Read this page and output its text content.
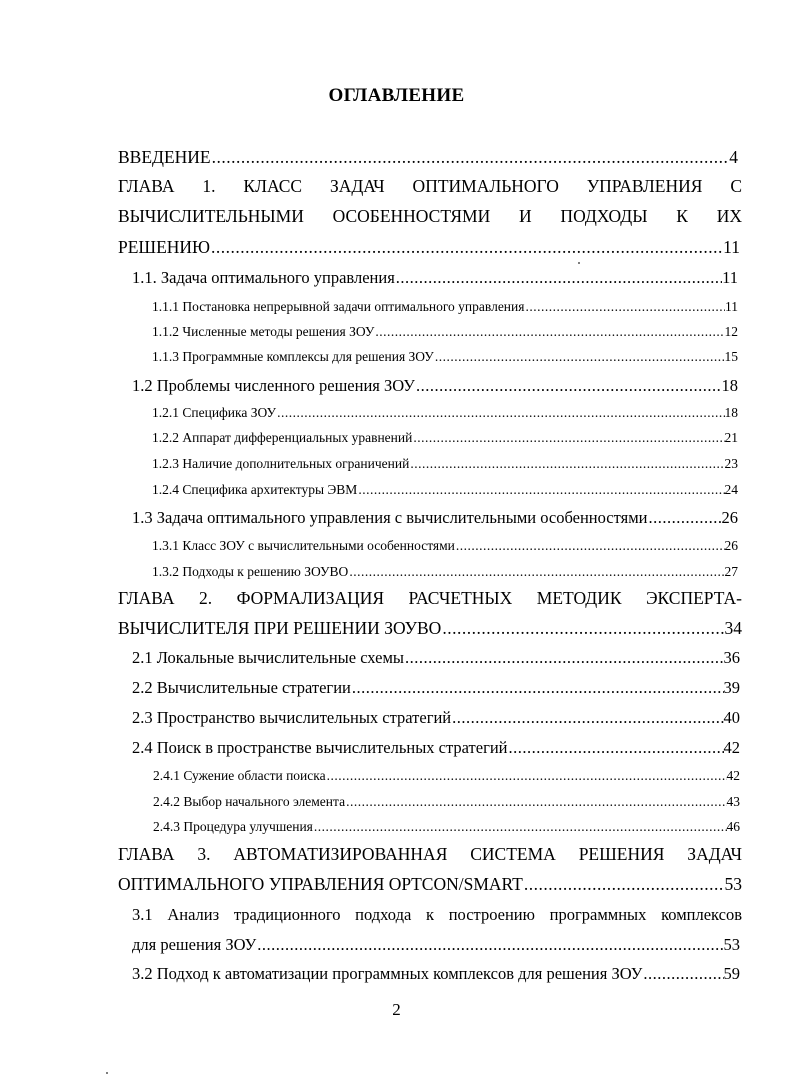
ОГЛАВЛЕНИЕ
ВВЕДЕНИЕ .....	4
ГЛАВА 1. КЛАСС ЗАДАЧ ОПТИМАЛЬНОГО УПРАВЛЕНИЯ С
ВЫЧИСЛИТЕЛЬНЫМИ ОСОБЕННОСТЯМИ И ПОДХОДЫ К ИХ
РЕШЕНИЮ .....	11
1.1. Задача оптимального управления .....	11
1.1.1 Постановка непрерывной задачи оптимального управления .....	11
1.1.2 Численные методы решения ЗОУ .....	12
1.1.3 Программные комплексы для решения ЗОУ .....	15
1.2 Проблемы численного решения ЗОУ .....	18
1.2.1 Специфика ЗОУ .....	18
1.2.2 Аппарат дифференциальных уравнений .....	21
1.2.3 Наличие дополнительных ограничений .....	23
1.2.4 Специфика архитектуры ЭВМ .....	24
1.3 Задача оптимального управления с вычислительными особенностями .....	26
1.3.1 Класс ЗОУ с вычислительными особенностями .....	26
1.3.2 Подходы к решению ЗОУВО .....	27
ГЛАВА 2. ФОРМАЛИЗАЦИЯ РАСЧЕТНЫХ МЕТОДИК ЭКСПЕРТА-
ВЫЧИСЛИТЕЛЯ ПРИ РЕШЕНИИ ЗОУВО .....	34
2.1 Локальные вычислительные схемы .....	36
2.2 Вычислительные стратегии .....	39
2.3 Пространство вычислительных стратегий .....	40
2.4 Поиск в пространстве вычислительных стратегий .....	42
2.4.1 Сужение области поиска .....	42
2.4.2 Выбор начального элемента .....	43
2.4.3 Процедура улучшения .....	46
ГЛАВА 3. АВТОМАТИЗИРОВАННАЯ СИСТЕМА РЕШЕНИЯ ЗАДАЧ
ОПТИМАЛЬНОГО УПРАВЛЕНИЯ OPTCON/SMART .....	53
3.1 Анализ традиционного подхода к построению программных комплексов
для решения ЗОУ .....	53
3.2 Подход к автоматизации программных комплексов для решения ЗОУ .....	59
2
